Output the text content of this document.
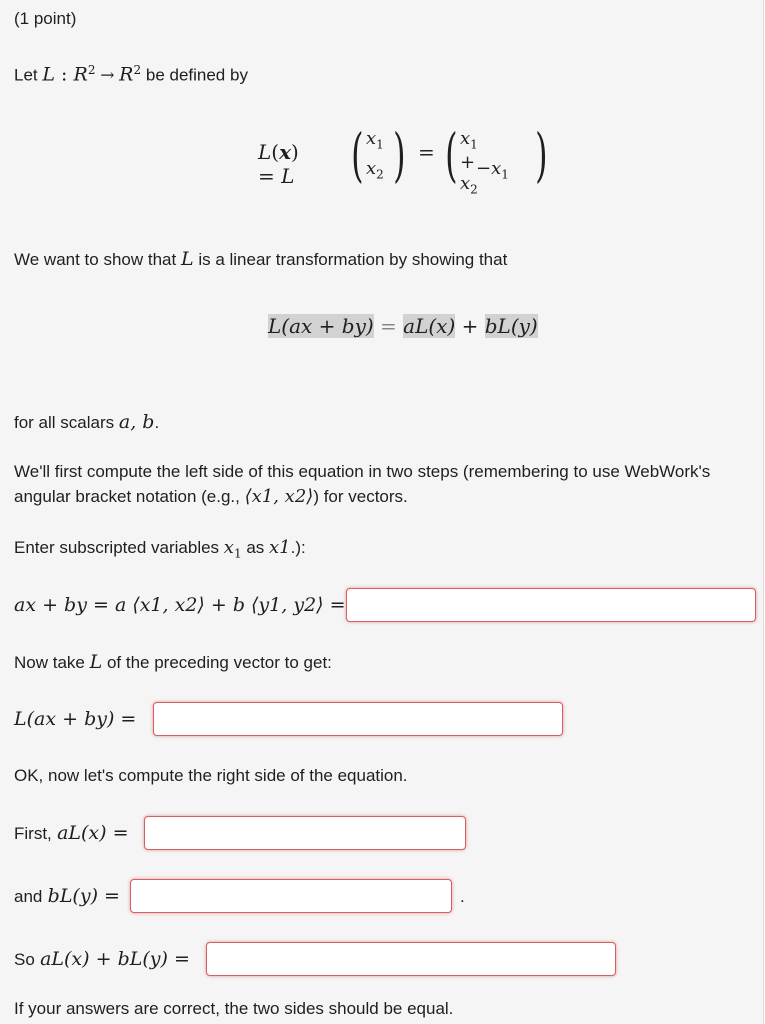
(1 point)
Let L : $R^2 \to R^2$ be defined by
L(x) = L ( $x_1$
$x_2$ ) = ( $x_1 + x_2$
$-x_1$ )
We want to show that L is a linear transformation by showing that
L(ax + by) = aL(x) + bL(y)
for all scalars a, b.
We'll first compute the left side of this equation in two steps (remembering to use WebWork's
angular bracket notation (e.g., ⟨x1, x2⟩) for vectors.
Enter subscripted variables $x_1$ as x1.):
ax + by = a ⟨x1, x2⟩ + b ⟨y1, y2⟩ =
Now take L of the preceding vector to get:
L(ax + by) =
OK, now let's compute the right side of the equation.
First, aL(x) =
and bL(y) =	.
So aL(x) + bL(y) =
If your answers are correct, the two sides should be equal.
